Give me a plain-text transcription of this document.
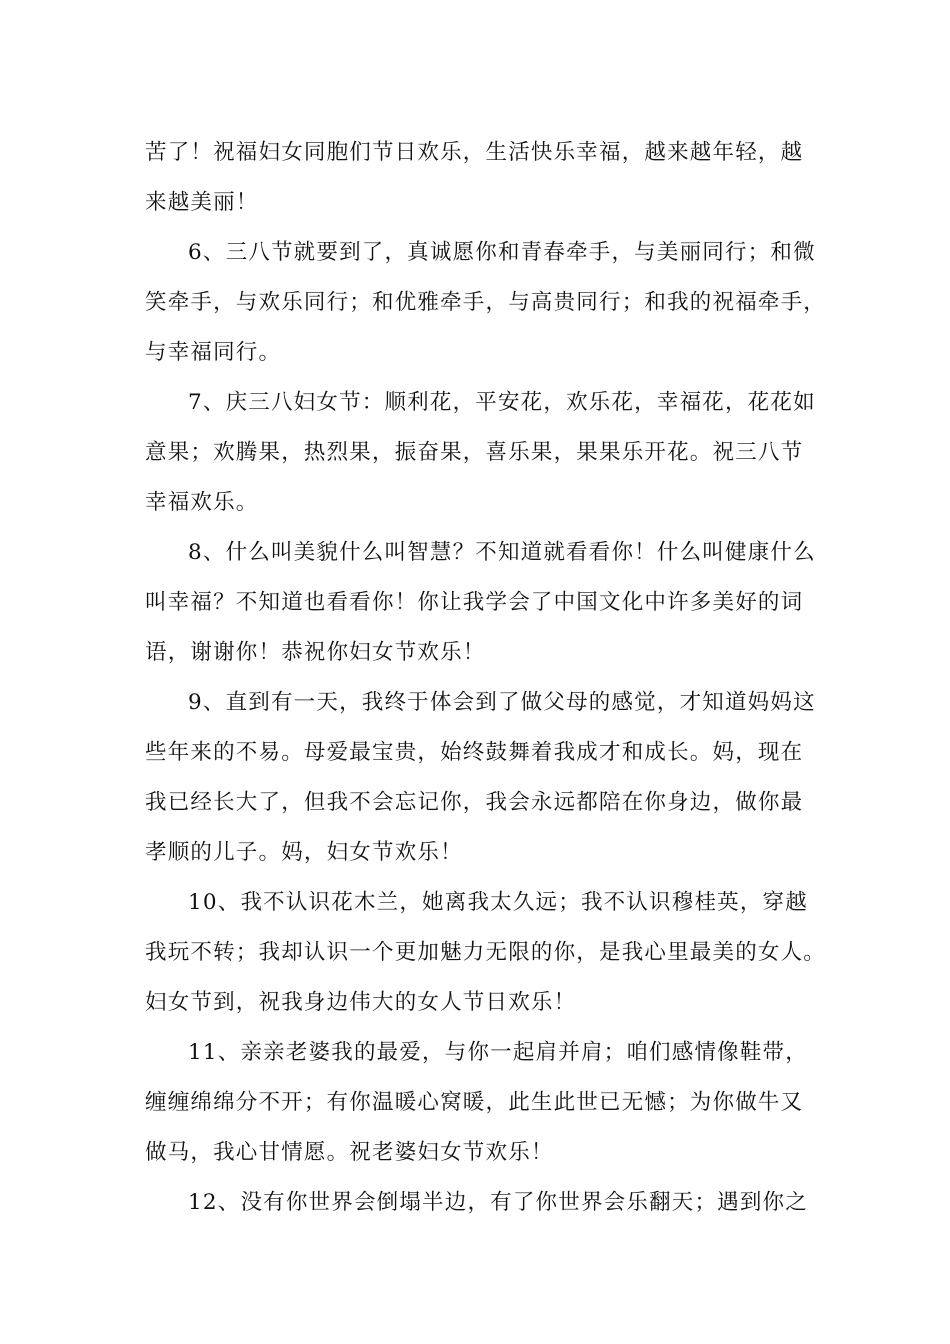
苦了！祝福妇女同胞们节日欢乐，生活快乐幸福，越来越年轻，越
来越美丽！
6、三八节就要到了，真诚愿你和青春牵手，与美丽同行；和微
笑牵手，与欢乐同行；和优雅牵手，与高贵同行；和我的祝福牵手，
与幸福同行。
7、庆三八妇女节：顺利花，平安花，欢乐花，幸福花，花花如
意果；欢腾果，热烈果，振奋果，喜乐果，果果乐开花。祝三八节
幸福欢乐。
8、什么叫美貌什么叫智慧？不知道就看看你！什么叫健康什么
叫幸福？不知道也看看你！你让我学会了中国文化中许多美好的词
语，谢谢你！恭祝你妇女节欢乐！
9、直到有一天，我终于体会到了做父母的感觉，才知道妈妈这
些年来的不易。母爱最宝贵，始终鼓舞着我成才和成长。妈，现在
我已经长大了，但我不会忘记你，我会永远都陪在你身边，做你最
孝顺的儿子。妈，妇女节欢乐！
10、我不认识花木兰，她离我太久远；我不认识穆桂英，穿越
我玩不转；我却认识一个更加魅力无限的你，是我心里最美的女人。
妇女节到，祝我身边伟大的女人节日欢乐！
11、亲亲老婆我的最爱，与你一起肩并肩；咱们感情像鞋带，
缠缠绵绵分不开；有你温暖心窝暖，此生此世已无憾；为你做牛又
做马，我心甘情愿。祝老婆妇女节欢乐！
12、没有你世界会倒塌半边，有了你世界会乐翻天；遇到你之
